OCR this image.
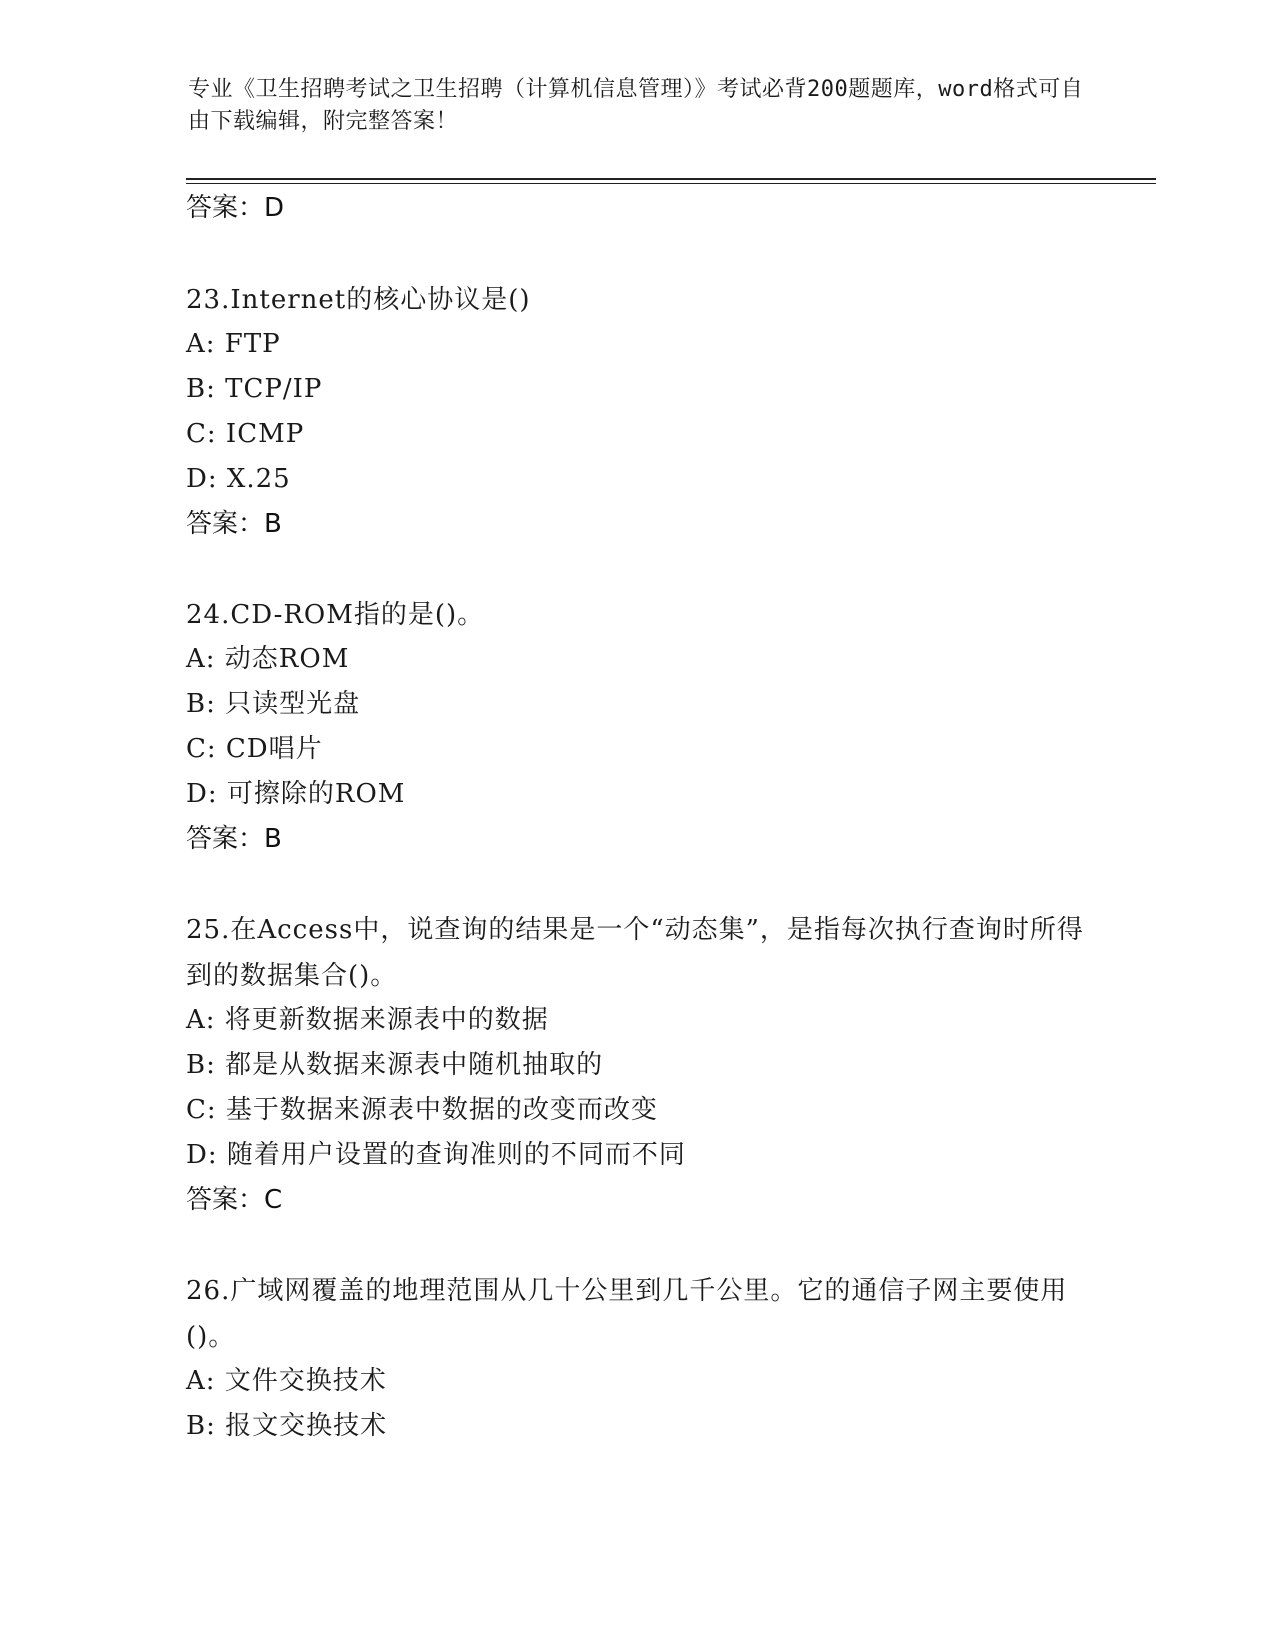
专业《卫生招聘考试之卫生招聘（计算机信息管理）》考试必背200题题库，word格式可自由下载编辑，附完整答案！
答案：D
23.Internet的核心协议是()
A: FTP
B: TCP/IP
C: ICMP
D: X.25
答案：B
24.CD-ROM指的是()。
A: 动态ROM
B: 只读型光盘
C: CD唱片
D: 可擦除的ROM
答案：B
25.在Access中，说查询的结果是一个“动态集”，是指每次执行查询时所得到的数据集合()。
A: 将更新数据来源表中的数据
B: 都是从数据来源表中随机抽取的
C: 基于数据来源表中数据的改变而改变
D: 随着用户设置的查询准则的不同而不同
答案：C
26.广域网覆盖的地理范围从几十公里到几千公里。它的通信子网主要使用()。
A: 文件交换技术
B: 报文交换技术
